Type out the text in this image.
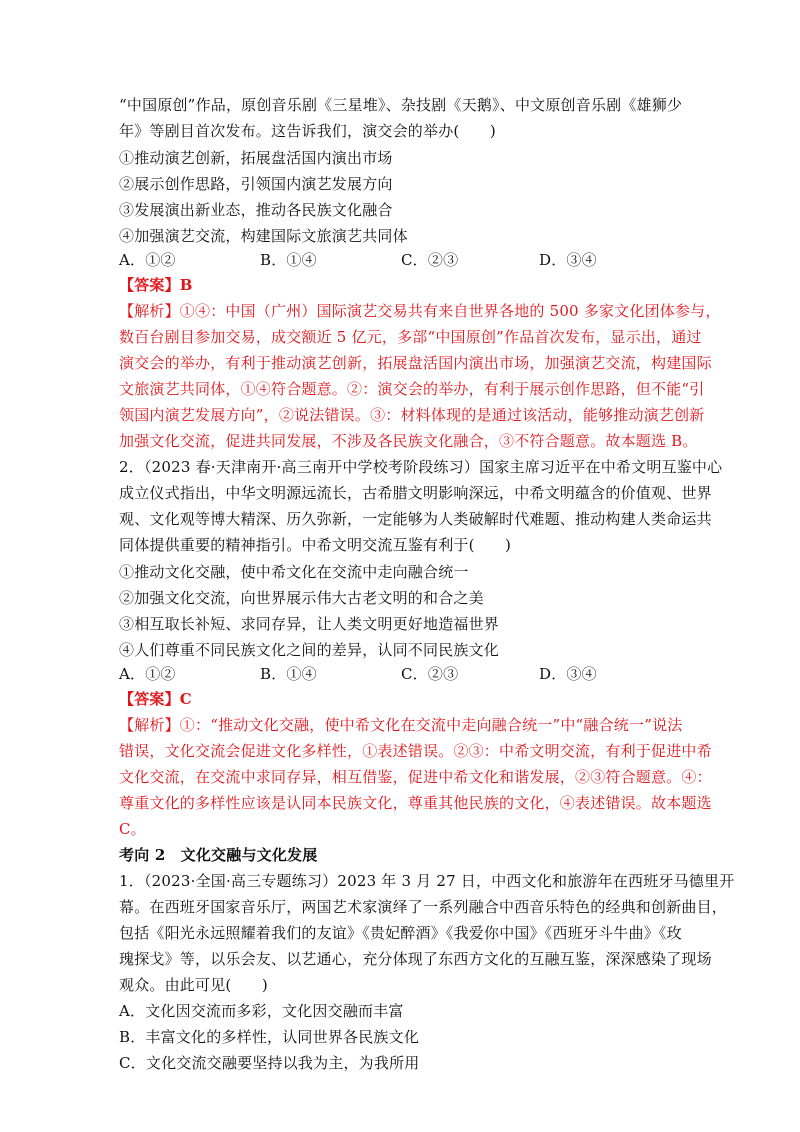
“中国原创”作品，原创音乐剧《三星堆》、杂技剧《天鹅》、中文原创音乐剧《雄狮少
年》等剧目首次发布。这告诉我们，演交会的举办(　　)
①推动演艺创新，拓展盘活国内演出市场
②展示创作思路，引领国内演艺发展方向
③发展演出新业态，推动各民族文化融合
④加强演艺交流，构建国际文旅演艺共同体
A．①②	B．①④	C．②③	D．③④
【答案】B
【解析】①④：中国（广州）国际演艺交易共有来自世界各地的 500 多家文化团体参与，
数百台剧目参加交易，成交额近 5 亿元，多部“中国原创”作品首次发布，显示出，通过
演交会的举办，有利于推动演艺创新，拓展盘活国内演出市场，加强演艺交流，构建国际
文旅演艺共同体，①④符合题意。②：演交会的举办，有利于展示创作思路，但不能“引
领国内演艺发展方向”，②说法错误。③：材料体现的是通过该活动，能够推动演艺创新
加强文化交流，促进共同发展，不涉及各民族文化融合，③不符合题意。故本题选 B。
2．（2023 春·天津南开·高三南开中学校考阶段练习）国家主席习近平在中希文明互鉴中心
成立仪式指出，中华文明源远流长，古希腊文明影响深远，中希文明蕴含的价值观、世界
观、文化观等博大精深、历久弥新，一定能够为人类破解时代难题、推动构建人类命运共
同体提供重要的精神指引。中希文明交流互鉴有利于(　　)
①推动文化交融，使中希文化在交流中走向融合统一
②加强文化交流，向世界展示伟大古老文明的和合之美
③相互取长补短、求同存异，让人类文明更好地造福世界
④人们尊重不同民族文化之间的差异，认同不同民族文化
A．①②	B．①④	C．②③	D．③④
【答案】C
【解析】①：“推动文化交融，使中希文化在交流中走向融合统一”中“融合统一”说法
错误，文化交流会促进文化多样性，①表述错误。②③：中希文明交流，有利于促进中希
文化交流，在交流中求同存异，相互借鉴，促进中希文化和谐发展，②③符合题意。④：
尊重文化的多样性应该是认同本民族文化，尊重其他民族的文化，④表述错误。故本题选
C。
考向 2　文化交融与文化发展
1．（2023·全国·高三专题练习）2023 年 3 月 27 日，中西文化和旅游年在西班牙马德里开
幕。在西班牙国家音乐厅，两国艺术家演绎了一系列融合中西音乐特色的经典和创新曲目，
包括《阳光永远照耀着我们的友谊》《贵妃醉酒》《我爱你中国》《西班牙斗牛曲》《玫
瑰探戈》等，以乐会友、以艺通心，充分体现了东西方文化的互融互鉴，深深感染了现场
观众。由此可见(　　)
A．文化因交流而多彩，文化因交融而丰富
B．丰富文化的多样性，认同世界各民族文化
C．文化交流交融要坚持以我为主，为我所用
